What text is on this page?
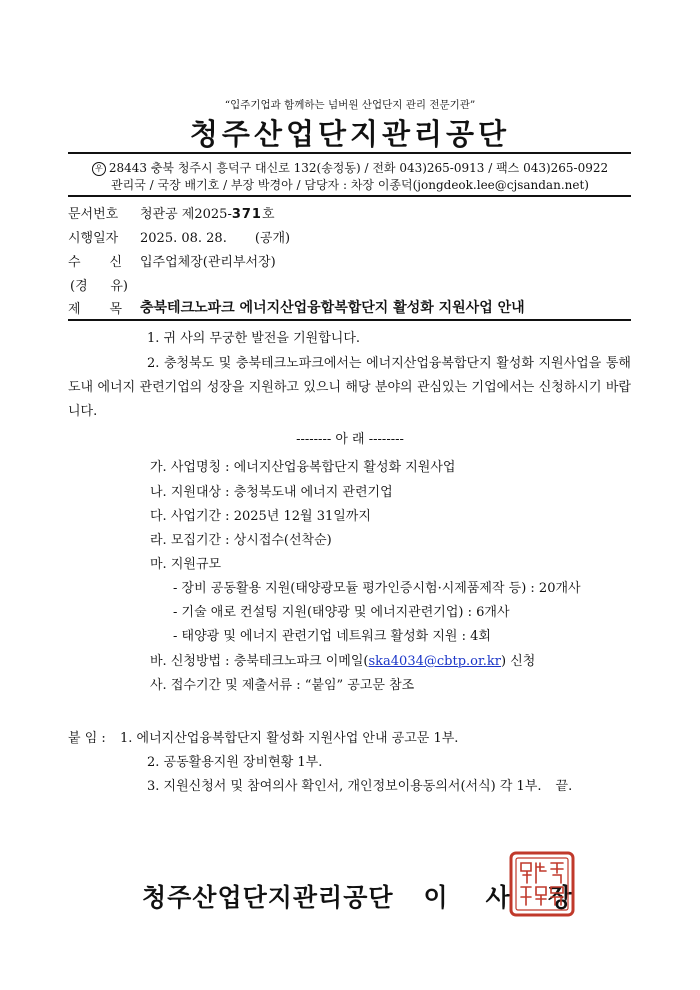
“입주기업과 함께하는 넘버원 산업단지 관리 전문기관”
청주산업단지관리공단
우 28443 충북 청주시 흥덕구 대신로 132(송정동) / 전화 043)265-0913 / 팩스 043)265-0922
관리국 / 국장 배기호 / 부장 박경아 / 담당자 : 차장 이종덕(jongdeok.lee@cjsandan.net)
문서번호	청관공 제2025-371호
시행일자	2025. 08. 28. (공개)
수 신 입주업체장(관리부서장)
(경 유)
제 목 충북테크노파크 에너지산업융합복합단지 활성화 지원사업 안내
1. 귀 사의 무궁한 발전을 기원합니다.
2. 충청북도 및 충북테크노파크에서는 에너지산업융복합단지 활성화 지원사업을 통해 도내 에너지 관련기업의 성장을 지원하고 있으니 해당 분야의 관심있는 기업에서는 신청하시기 바랍니다.
-------- 아 래 --------
가. 사업명칭 : 에너지산업융복합단지 활성화 지원사업
나. 지원대상 : 충청북도내 에너지 관련기업
다. 사업기간 : 2025년 12월 31일까지
라. 모집기간 : 상시접수(선착순)
마. 지원규모
- 장비 공동활용 지원(태양광모듈 평가인증시험·시제품제작 등) : 20개사
- 기술 애로 컨설팅 지원(태양광 및 에너지관련기업) : 6개사
- 태양광 및 에너지 관련기업 네트워크 활성화 지원 : 4회
바. 신청방법 : 충북테크노파크 이메일(ska4034@cbtp.or.kr) 신청
사. 접수기간 및 제출서류 : “붙임” 공고문 참조
붙 임 : 1. 에너지산업융복합단지 활성화 지원사업 안내 공고문 1부.
2. 공동활용지원 장비현황 1부.
3. 지원신청서 및 참여의사 확인서, 개인정보이용동의서(서식) 각 1부. 끝.
청주산업단지관리공단 이사장
